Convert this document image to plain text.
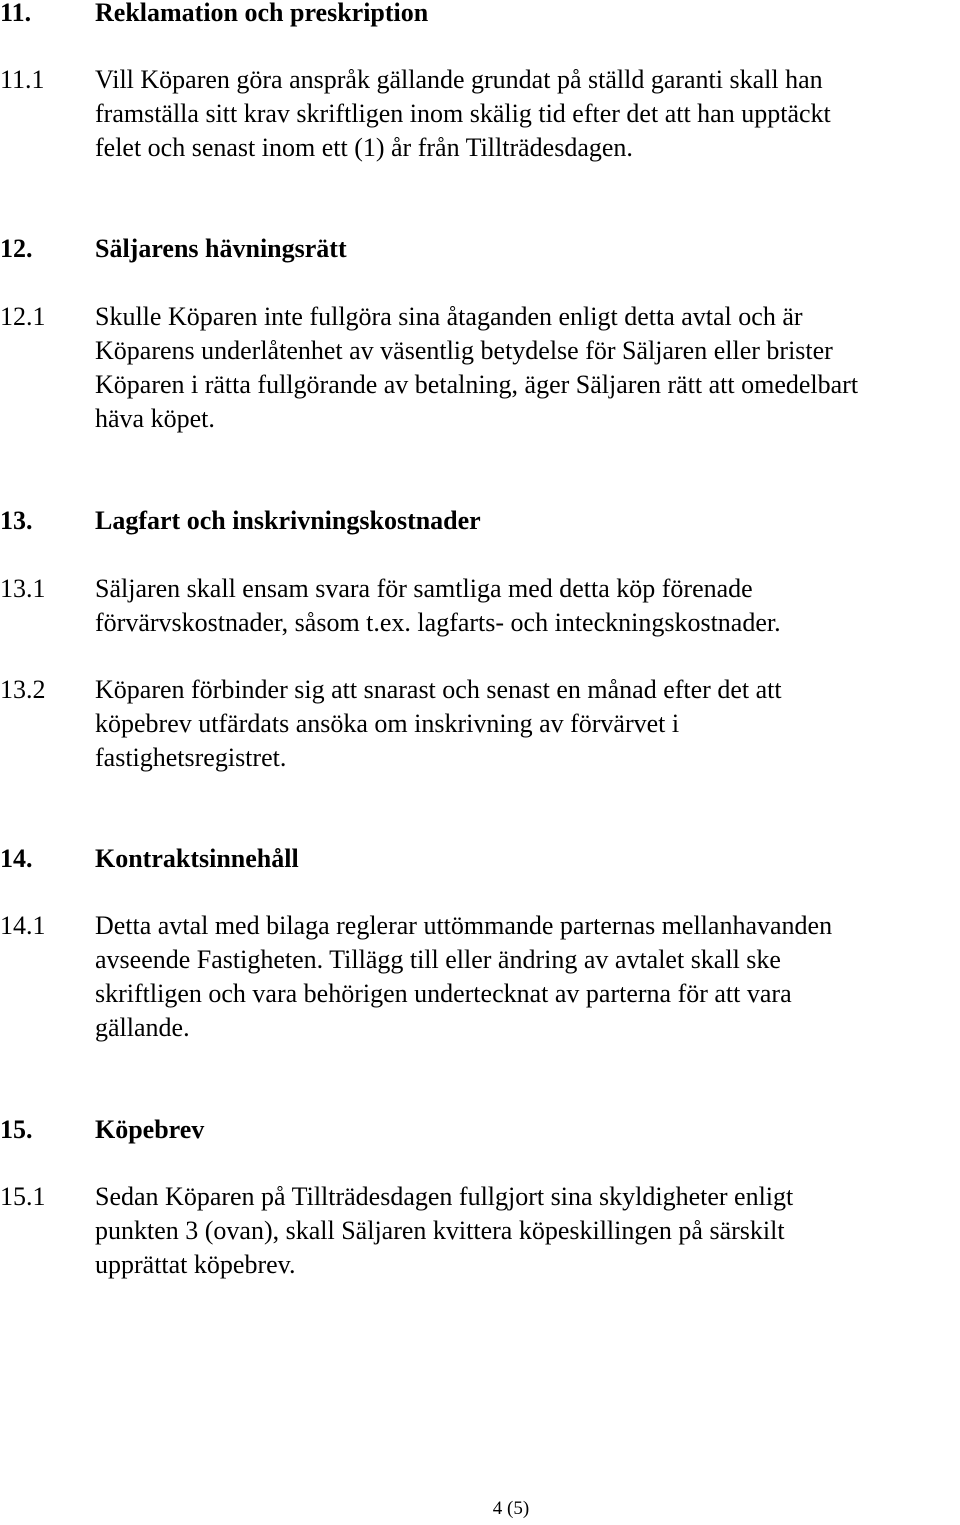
11. Reklamation och preskription
11.1 Vill Köparen göra anspråk gällande grundat på ställd garanti skall han
framställa sitt krav skriftligen inom skälig tid efter det att han upptäckt
felet och senast inom ett (1) år från Tillträdesdagen.
12. Säljarens hävningsrätt
12.1 Skulle Köparen inte fullgöra sina åtaganden enligt detta avtal och är
Köparens underlåtenhet av väsentlig betydelse för Säljaren eller brister
Köparen i rätta fullgörande av betalning, äger Säljaren rätt att omedelbart
häva köpet.
13. Lagfart och inskrivningskostnader
13.1 Säljaren skall ensam svara för samtliga med detta köp förenade
förvärvskostnader, såsom t.ex. lagfarts- och inteckningskostnader.
13.2 Köparen förbinder sig att snarast och senast en månad efter det att
köpebrev utfärdats ansöka om inskrivning av förvärvet i
fastighetsregistret.
14. Kontraktsinnehåll
14.1 Detta avtal med bilaga reglerar uttömmande parternas mellanhavanden
avseende Fastigheten. Tillägg till eller ändring av avtalet skall ske
skriftligen och vara behörigen undertecknat av parterna för att vara
gällande.
15. Köpebrev
15.1 Sedan Köparen på Tillträdesdagen fullgjort sina skyldigheter enligt
punkten 3 (ovan), skall Säljaren kvittera köpeskillingen på särskilt
upprättat köpebrev.
4 (5)
